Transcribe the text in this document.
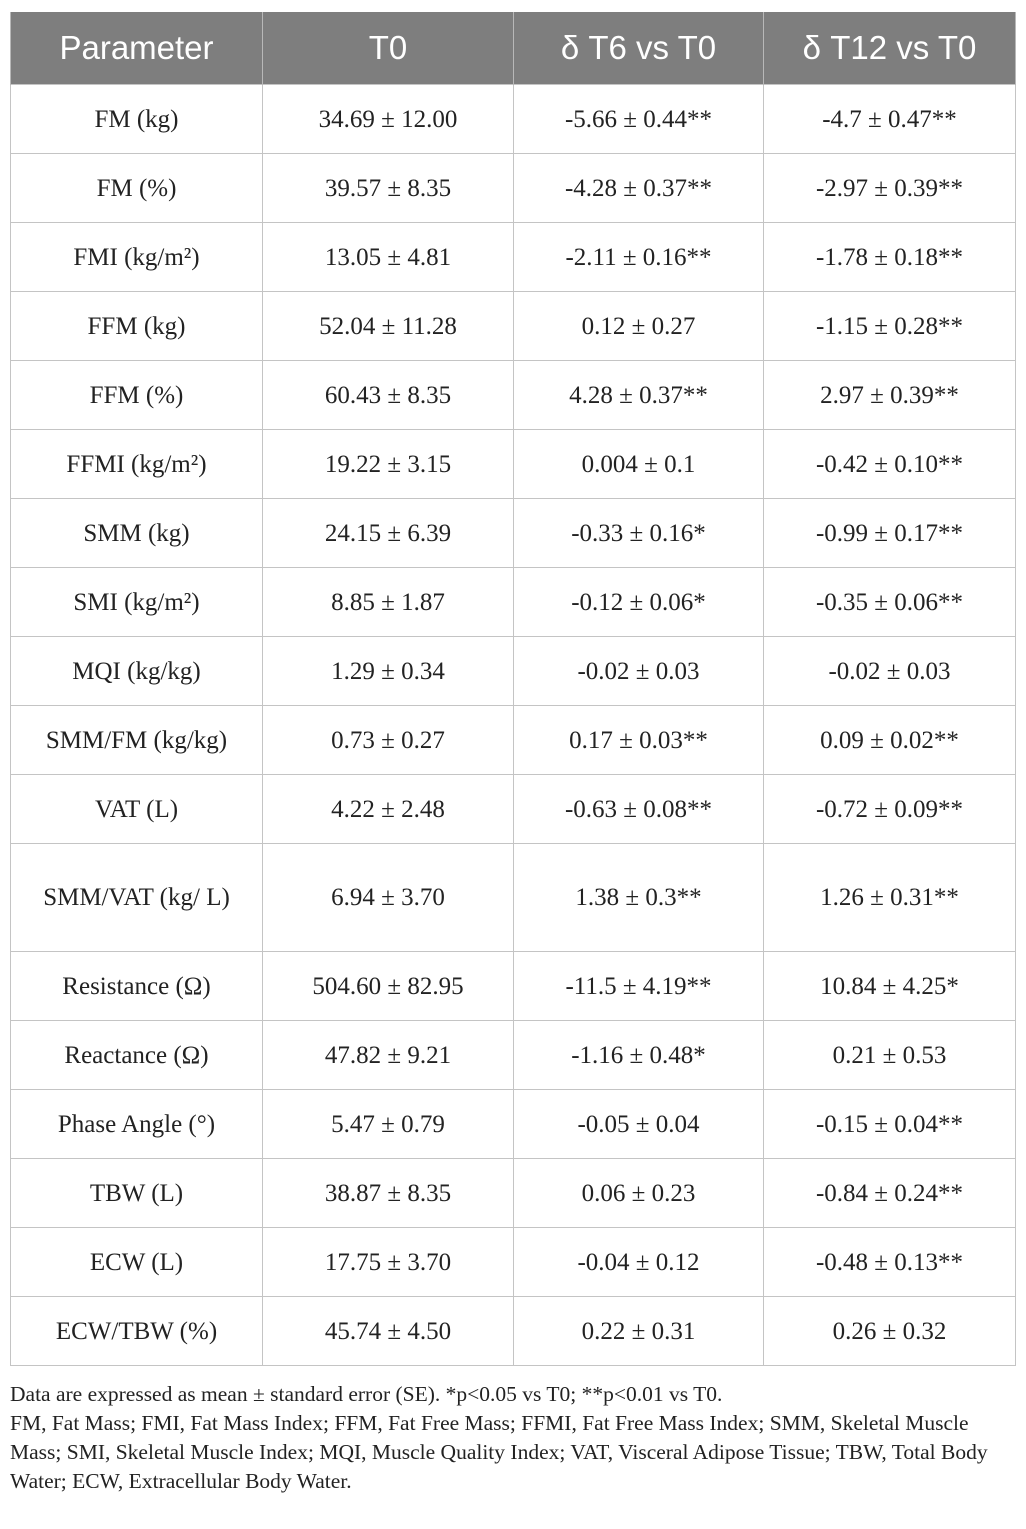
Parameter	T0	δ T6 vs T0	δ T12 vs T0
FM (kg)	34.69 ± 12.00	-5.66 ± 0.44**	-4.7 ± 0.47**
FM (%)	39.57 ± 8.35	-4.28 ± 0.37**	-2.97 ± 0.39**
FMI (kg/m²)	13.05 ± 4.81	-2.11 ± 0.16**	-1.78 ± 0.18**
FFM (kg)	52.04 ± 11.28	0.12 ± 0.27	-1.15 ± 0.28**
FFM (%)	60.43 ± 8.35	4.28 ± 0.37**	2.97 ± 0.39**
FFMI (kg/m²)	19.22 ± 3.15	0.004 ± 0.1	-0.42 ± 0.10**
SMM (kg)	24.15 ± 6.39	-0.33 ± 0.16*	-0.99 ± 0.17**
SMI (kg/m²)	8.85 ± 1.87	-0.12 ± 0.06*	-0.35 ± 0.06**
MQI (kg/kg)	1.29 ± 0.34	-0.02 ± 0.03	-0.02 ± 0.03
SMM/FM (kg/kg)	0.73 ± 0.27	0.17 ± 0.03**	0.09 ± 0.02**
VAT (L)	4.22 ± 2.48	-0.63 ± 0.08**	-0.72 ± 0.09**
SMM/VAT (kg/ L)	6.94 ± 3.70	1.38 ± 0.3**	1.26 ± 0.31**
Resistance (Ω)	504.60 ± 82.95	-11.5 ± 4.19**	10.84 ± 4.25*
Reactance (Ω)	47.82 ± 9.21	-1.16 ± 0.48*	0.21 ± 0.53
Phase Angle (°)	5.47 ± 0.79	-0.05 ± 0.04	-0.15 ± 0.04**
TBW (L)	38.87 ± 8.35	0.06 ± 0.23	-0.84 ± 0.24**
ECW (L)	17.75 ± 3.70	-0.04 ± 0.12	-0.48 ± 0.13**
ECW/TBW (%)	45.74 ± 4.50	0.22 ± 0.31	0.26 ± 0.32

Data are expressed as mean ± standard error (SE). *p<0.05 vs T0; **p<0.01 vs T0.

FM, Fat Mass; FMI, Fat Mass Index; FFM, Fat Free Mass; FFMI, Fat Free Mass Index; SMM, Skeletal Muscle Mass; SMI, Skeletal Muscle Index; MQI, Muscle Quality Index; VAT, Visceral Adipose Tissue; TBW, Total Body Water; ECW, Extracellular Body Water.
